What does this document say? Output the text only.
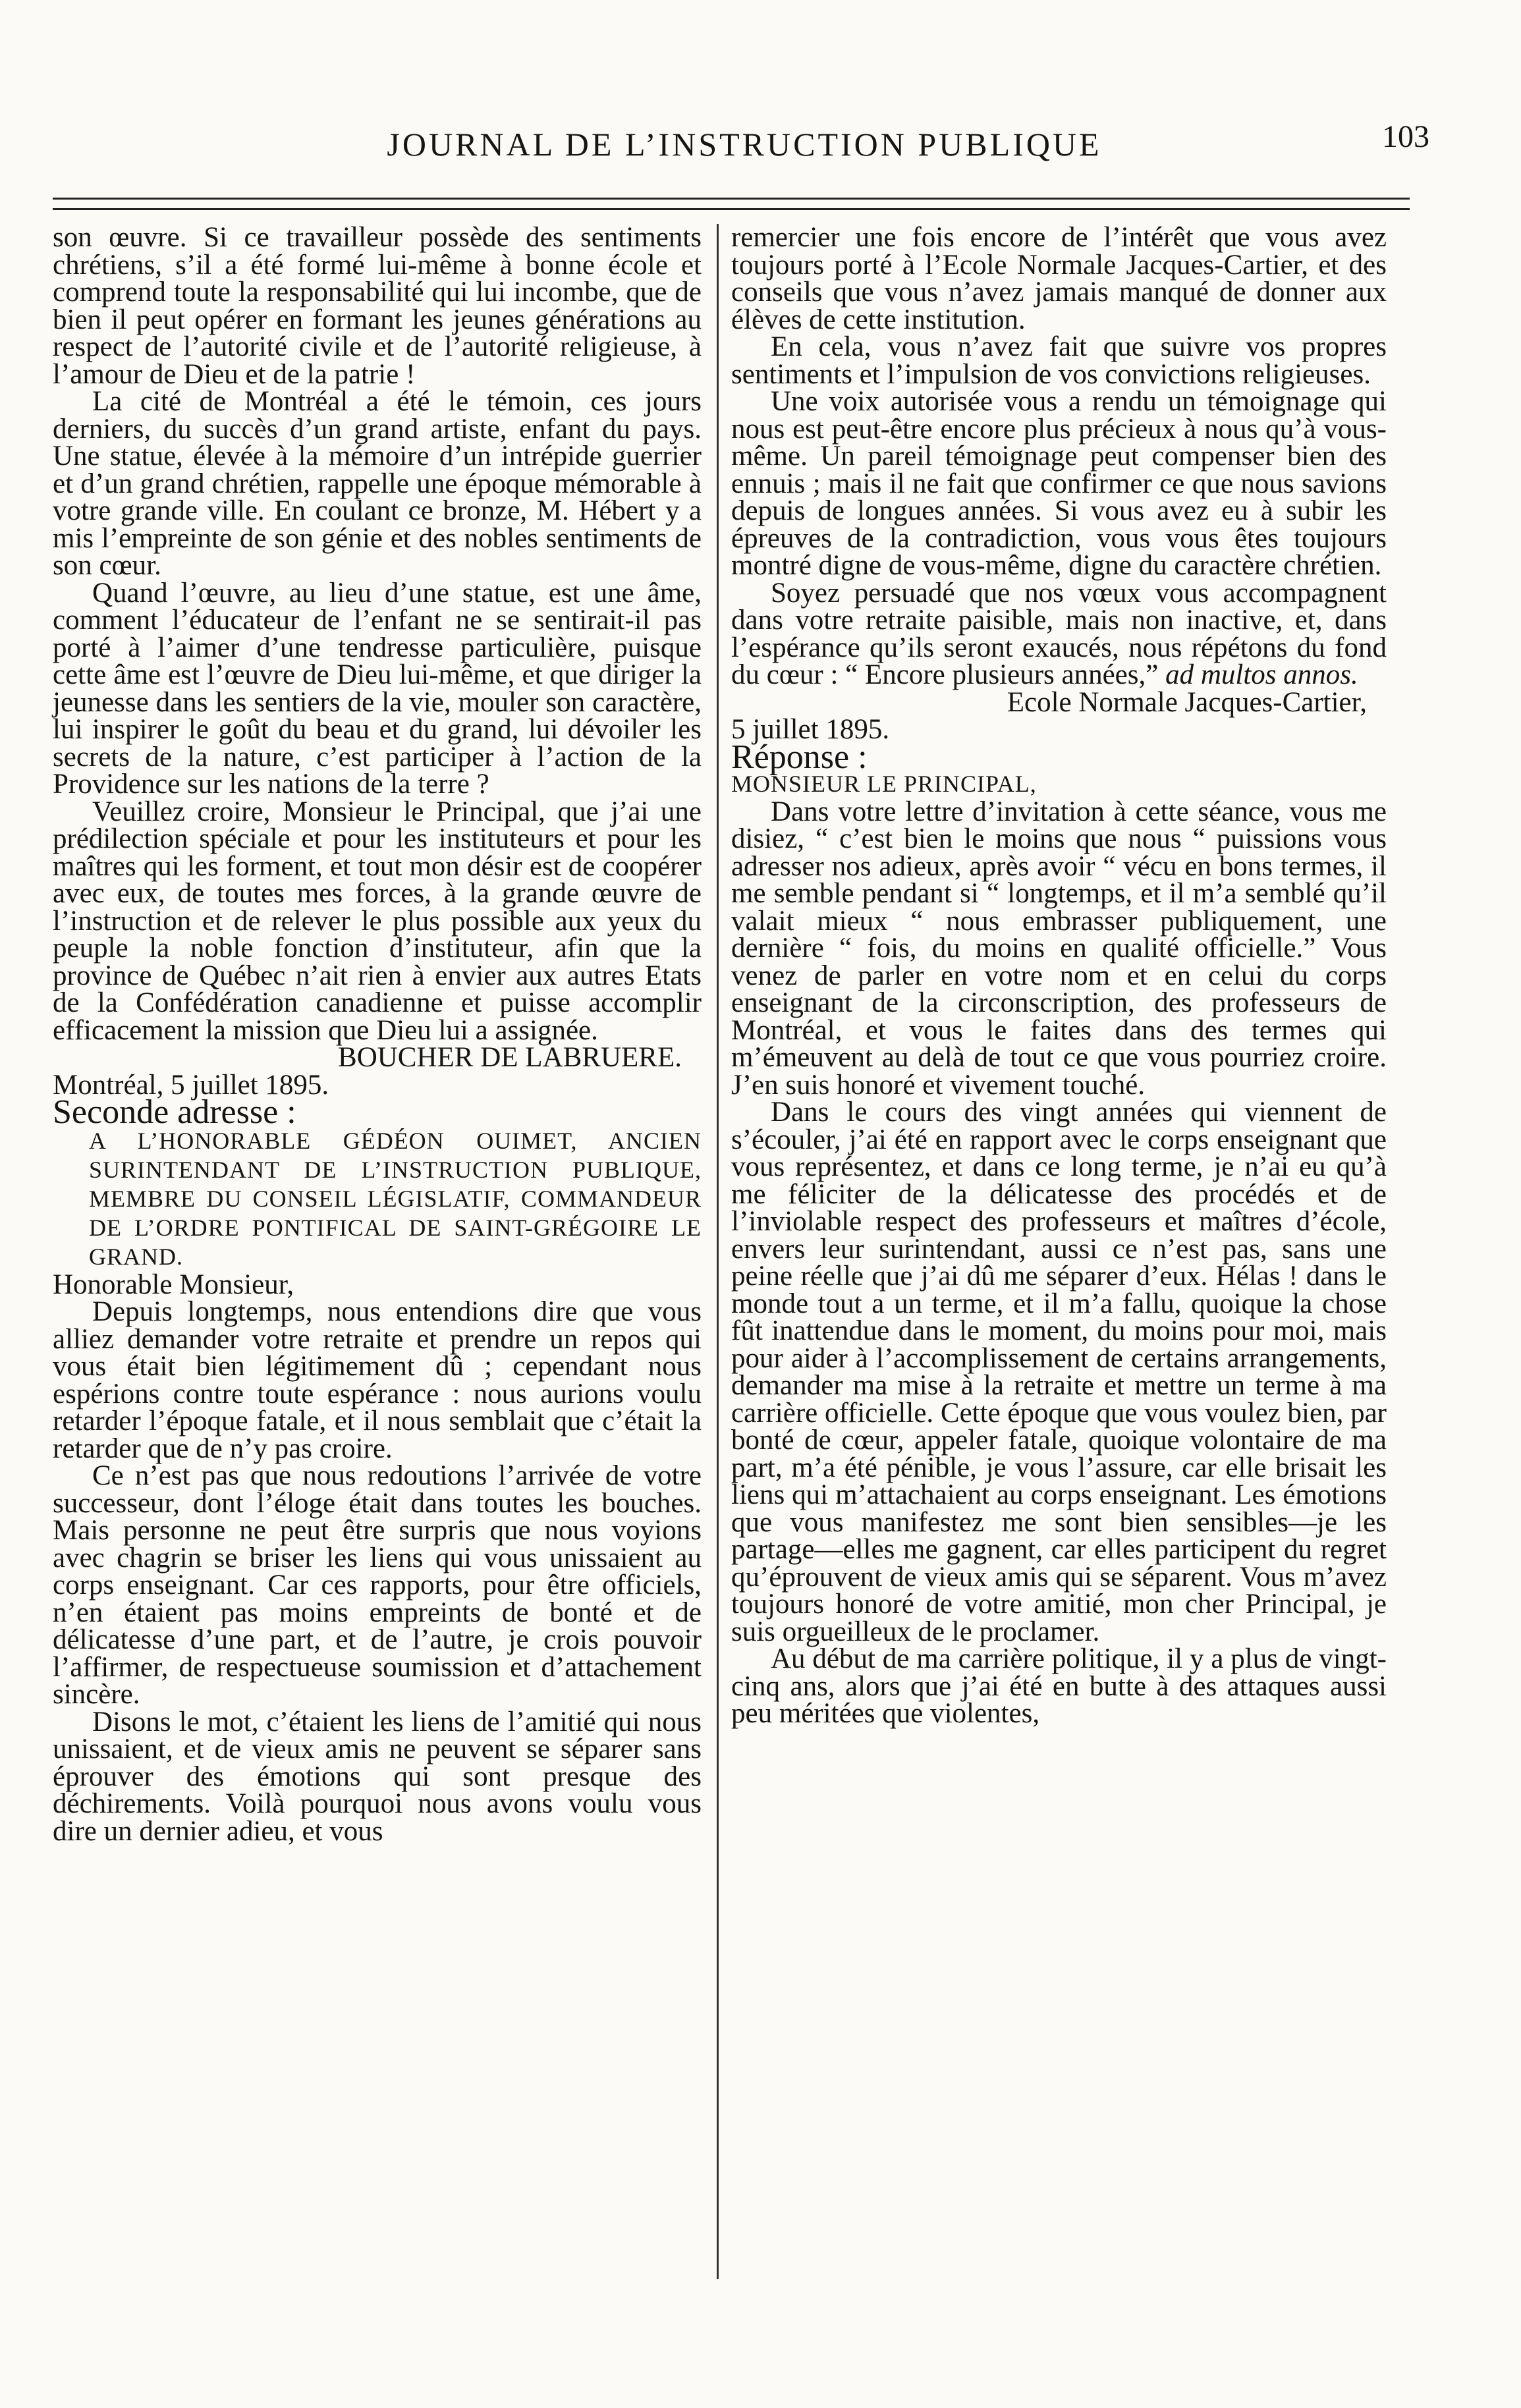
JOURNAL DE L’INSTRUCTION PUBLIQUE	103

son œuvre. Si ce travailleur possède des sentiments chrétiens, s’il a été formé lui-même à bonne école et comprend toute la responsabilité qui lui incombe, que de bien il peut opérer en formant les jeunes générations au respect de l’autorité civile et de l’autorité religieuse, à l’amour de Dieu et de la patrie !

La cité de Montréal a été le témoin, ces jours derniers, du succès d’un grand artiste, enfant du pays. Une statue, élevée à la mémoire d’un intrépide guerrier et d’un grand chrétien, rappelle une époque mémorable à votre grande ville. En coulant ce bronze, M. Hébert y a mis l’empreinte de son génie et des nobles sentiments de son cœur.

Quand l’œuvre, au lieu d’une statue, est une âme, comment l’éducateur de l’enfant ne se sentirait-il pas porté à l’aimer d’une tendresse particulière, puisque cette âme est l’œuvre de Dieu lui-même, et que diriger la jeunesse dans les sentiers de la vie, mouler son caractère, lui inspirer le goût du beau et du grand, lui dévoiler les secrets de la nature, c’est participer à l’action de la Providence sur les nations de la terre ?

Veuillez croire, Monsieur le Principal, que j’ai une prédilection spéciale et pour les instituteurs et pour les maîtres qui les forment, et tout mon désir est de coopérer avec eux, de toutes mes forces, à la grande œuvre de l’instruction et de relever le plus possible aux yeux du peuple la noble fonction d’instituteur, afin que la province de Québec n’ait rien à envier aux autres Etats de la Confédération canadienne et puisse accomplir efficacement la mission que Dieu lui a assignée.

BOUCHER DE LABRUERE.

Montréal, 5 juillet 1895.

Seconde adresse :

A L’HONORABLE GÉDÉON OUIMET, ANCIEN SURINTENDANT DE L’INSTRUCTION PUBLIQUE, MEMBRE DU CONSEIL LÉGISLATIF, COMMANDEUR DE L’ORDRE PONTIFICAL DE SAINT-GRÉGOIRE LE GRAND.

Honorable Monsieur,

Depuis longtemps, nous entendions dire que vous alliez demander votre retraite et prendre un repos qui vous était bien légitimement dû ; cependant nous espérions contre toute espérance : nous aurions voulu retarder l’époque fatale, et il nous semblait que c’était la retarder que de n’y pas croire.

Ce n’est pas que nous redoutions l’arrivée de votre successeur, dont l’éloge était dans toutes les bouches. Mais personne ne peut être surpris que nous voyions avec chagrin se briser les liens qui vous unissaient au corps enseignant. Car ces rapports, pour être officiels, n’en étaient pas moins empreints de bonté et de délicatesse d’une part, et de l’autre, je crois pouvoir l’affirmer, de respectueuse soumission et d’attachement sincère.

Disons le mot, c’étaient les liens de l’amitié qui nous unissaient, et de vieux amis ne peuvent se séparer sans éprouver des émotions qui sont presque des déchirements. Voilà pourquoi nous avons voulu vous dire un dernier adieu, et vous

remercier une fois encore de l’intérêt que vous avez toujours porté à l’Ecole Normale Jacques-Cartier, et des conseils que vous n’avez jamais manqué de donner aux élèves de cette institution.

En cela, vous n’avez fait que suivre vos propres sentiments et l’impulsion de vos convictions religieuses.

Une voix autorisée vous a rendu un témoignage qui nous est peut-être encore plus précieux à nous qu’à vous-même. Un pareil témoignage peut compenser bien des ennuis ; mais il ne fait que confirmer ce que nous savions depuis de longues années. Si vous avez eu à subir les épreuves de la contradiction, vous vous êtes toujours montré digne de vous-même, digne du caractère chrétien.

Soyez persuadé que nos vœux vous accompagnent dans votre retraite paisible, mais non inactive, et, dans l’espérance qu’ils seront exaucés, nous répétons du fond du cœur : “ Encore plusieurs années,” ad multos annos.

Ecole Normale Jacques-Cartier,

5 juillet 1895.

Réponse :

MONSIEUR LE PRINCIPAL,

Dans votre lettre d’invitation à cette séance, vous me disiez, “ c’est bien le moins que nous “ puissions vous adresser nos adieux, après avoir “ vécu en bons termes, il me semble pendant si “ longtemps, et il m’a semblé qu’il valait mieux “ nous embrasser publiquement, une dernière “ fois, du moins en qualité officielle.” Vous venez de parler en votre nom et en celui du corps enseignant de la circonscription, des professeurs de Montréal, et vous le faites dans des termes qui m’émeuvent au delà de tout ce que vous pourriez croire. J’en suis honoré et vivement touché.

Dans le cours des vingt années qui viennent de s’écouler, j’ai été en rapport avec le corps enseignant que vous représentez, et dans ce long terme, je n’ai eu qu’à me féliciter de la délicatesse des procédés et de l’inviolable respect des professeurs et maîtres d’école, envers leur surintendant, aussi ce n’est pas, sans une peine réelle que j’ai dû me séparer d’eux. Hélas ! dans le monde tout a un terme, et il m’a fallu, quoique la chose fût inattendue dans le moment, du moins pour moi, mais pour aider à l’accomplissement de certains arrangements, demander ma mise à la retraite et mettre un terme à ma carrière officielle. Cette époque que vous voulez bien, par bonté de cœur, appeler fatale, quoique volontaire de ma part, m’a été pénible, je vous l’assure, car elle brisait les liens qui m’attachaient au corps enseignant. Les émotions que vous manifestez me sont bien sensibles—je les partage—elles me gagnent, car elles participent du regret qu’éprouvent de vieux amis qui se séparent. Vous m’avez toujours honoré de votre amitié, mon cher Principal, je suis orgueilleux de le proclamer.

Au début de ma carrière politique, il y a plus de vingt-cinq ans, alors que j’ai été en butte à des attaques aussi peu méritées que violentes,
